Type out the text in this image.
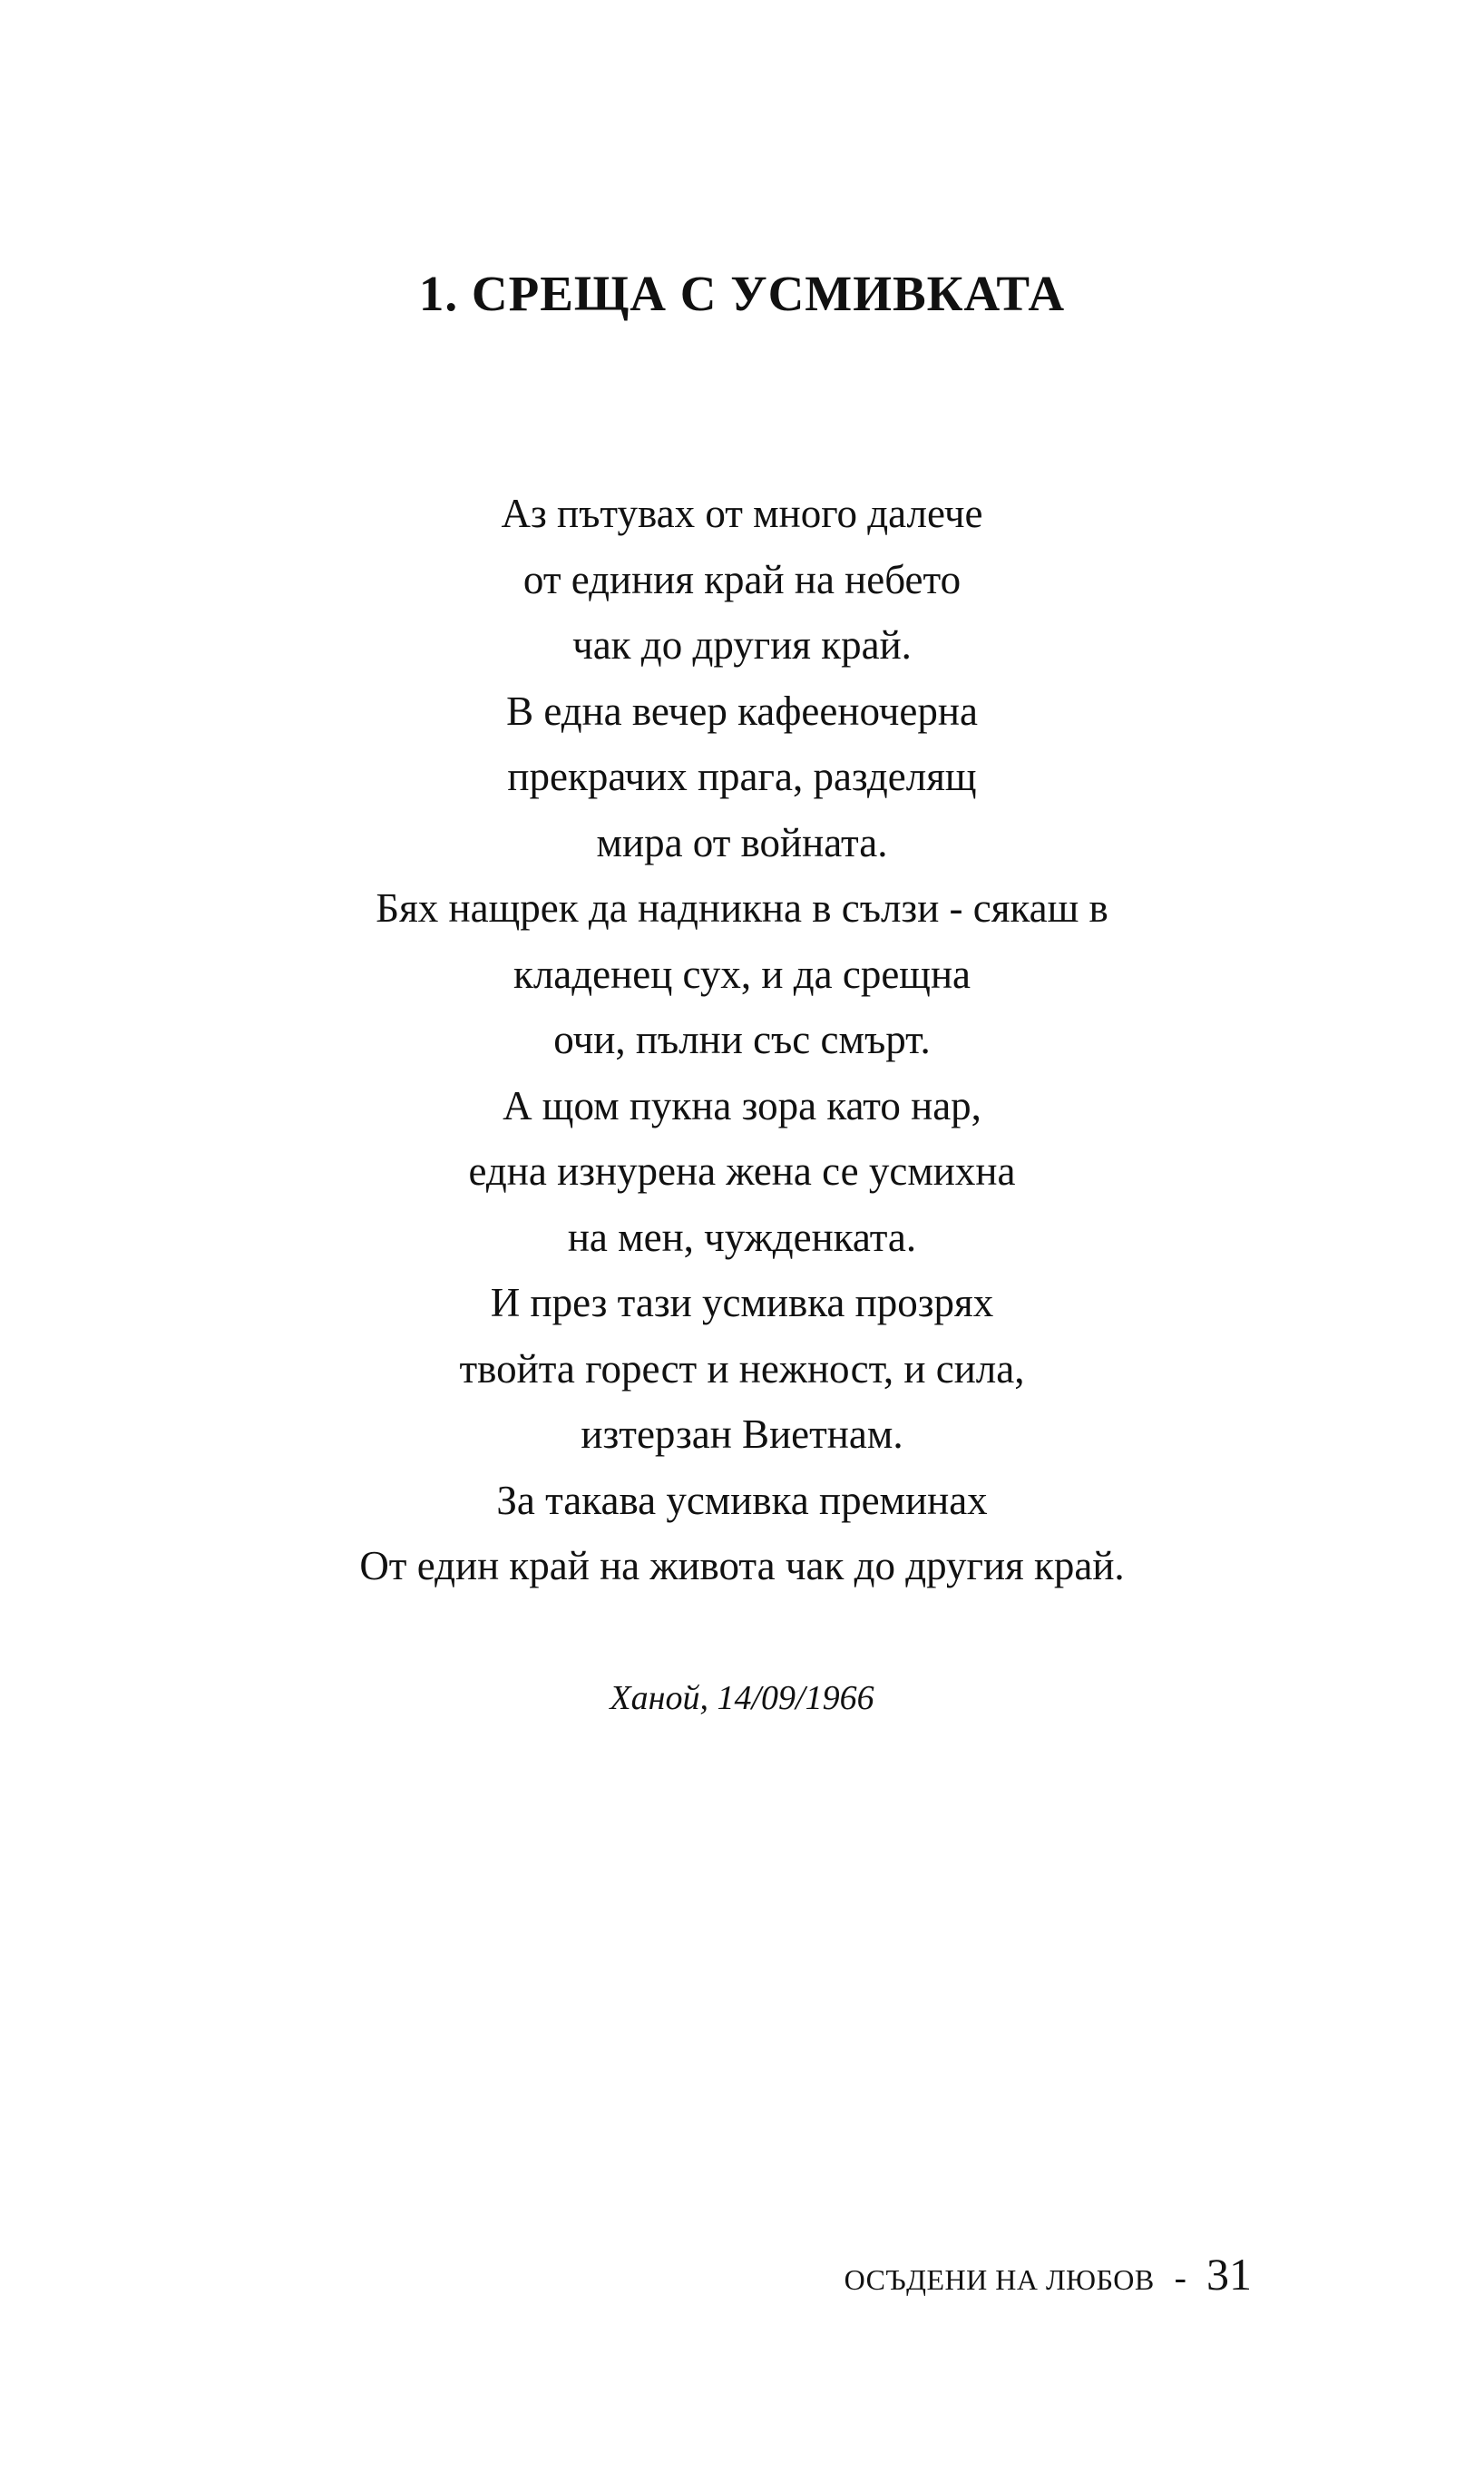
1. СРЕЩА С УСМИВКАТА
Аз пътувах от много далече
от единия край на небето
чак до другия край.
В една вечер кафееночерна
прекрачих прага, разделящ
мира от войната.
Бях нащрек да надникна в сълзи - сякаш в
кладенец сух, и да срещна
очи, пълни със смърт.
А щом пукна зора като нар,
една изнурена жена се усмихна
на мен, чужденката.
И през тази усмивка прозрях
твойта горест и нежност, и сила,
изтерзан Виетнам.
За такава усмивка преминах
От един край на живота чак до другия край.
Ханой, 14/09/1966
ОСЪДЕНИ НА ЛЮБОВ - 31
